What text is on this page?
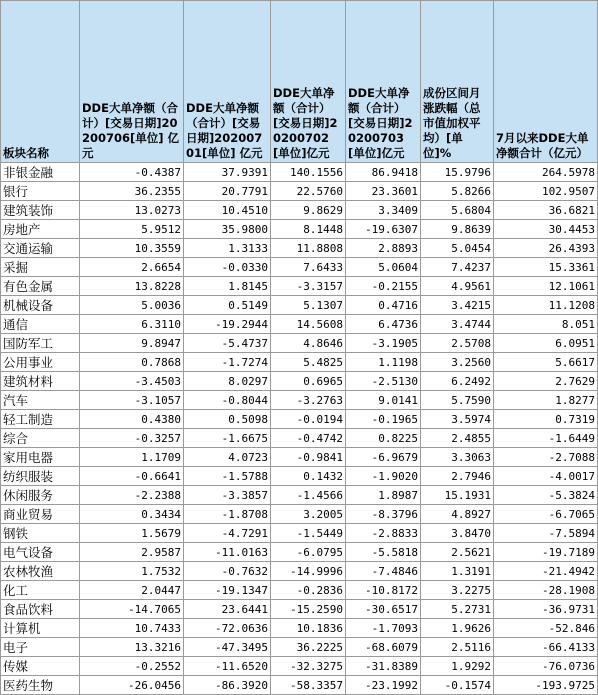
板块名称	DDE大单净额（合计）[交易日期]20200706[单位] 亿元	DDE大单净额（合计）[交易日期]20200701[单位] 亿元	DDE大单净额（合计）[交易日期]20200702[单位]亿元	DDE大单净额（合计）[交易日期]20200703[单位]亿元	成份区间月涨跌幅（总市值加权平均）[单位]%	7月以来DDE大单净额合计（亿元）
非银金融	-0.4387	37.9391	140.1556	86.9418	15.9796	264.5978
银行	36.2355	20.7791	22.5760	23.3601	5.8266	102.9507
建筑装饰	13.0273	10.4510	9.8629	3.3409	5.6804	36.6821
房地产	5.9512	35.9800	8.1448	-19.6307	9.8639	30.4453
交通运输	10.3559	1.3133	11.8808	2.8893	5.0454	26.4393
采掘	2.6654	-0.0330	7.6433	5.0604	7.4237	15.3361
有色金属	13.8228	1.8145	-3.3157	-0.2155	4.9561	12.1061
机械设备	5.0036	0.5149	5.1307	0.4716	3.4215	11.1208
通信	6.3110	-19.2944	14.5608	6.4736	3.4744	8.051
国防军工	9.8947	-5.4737	4.8646	-3.1905	2.5708	6.0951
公用事业	0.7868	-1.7274	5.4825	1.1198	3.2560	5.6617
建筑材料	-3.4503	8.0297	0.6965	-2.5130	6.2492	2.7629
汽车	-3.1057	-0.8044	-3.2763	9.0141	5.7590	1.8277
轻工制造	0.4380	0.5098	-0.0194	-0.1965	3.5974	0.7319
综合	-0.3257	-1.6675	-0.4742	0.8225	2.4855	-1.6449
家用电器	1.1709	4.0723	-0.9841	-6.9679	3.3063	-2.7088
纺织服装	-0.6641	-1.5788	0.1432	-1.9020	2.7946	-4.0017
休闲服务	-2.2388	-3.3857	-1.4566	1.8987	15.1931	-5.3824
商业贸易	0.3434	-1.8708	3.2005	-8.3796	4.8927	-6.7065
钢铁	1.5679	-4.7291	-1.5449	-2.8833	3.8470	-7.5894
电气设备	2.9587	-11.0163	-6.0795	-5.5818	2.5621	-19.7189
农林牧渔	1.7532	-0.7632	-14.9996	-7.4846	1.3191	-21.4942
化工	2.0447	-19.1347	-0.2836	-10.8172	3.2275	-28.1908
食品饮料	-14.7065	23.6441	-15.2590	-30.6517	5.2731	-36.9731
计算机	10.7433	-72.0636	10.1836	-1.7093	1.9626	-52.846
电子	13.3216	-47.3495	36.2225	-68.6079	2.5116	-66.4133
传媒	-0.2552	-11.6520	-32.3275	-31.8389	1.9292	-76.0736
医药生物	-26.0456	-86.3920	-58.3357	-23.1992	-0.1574	-193.9725
